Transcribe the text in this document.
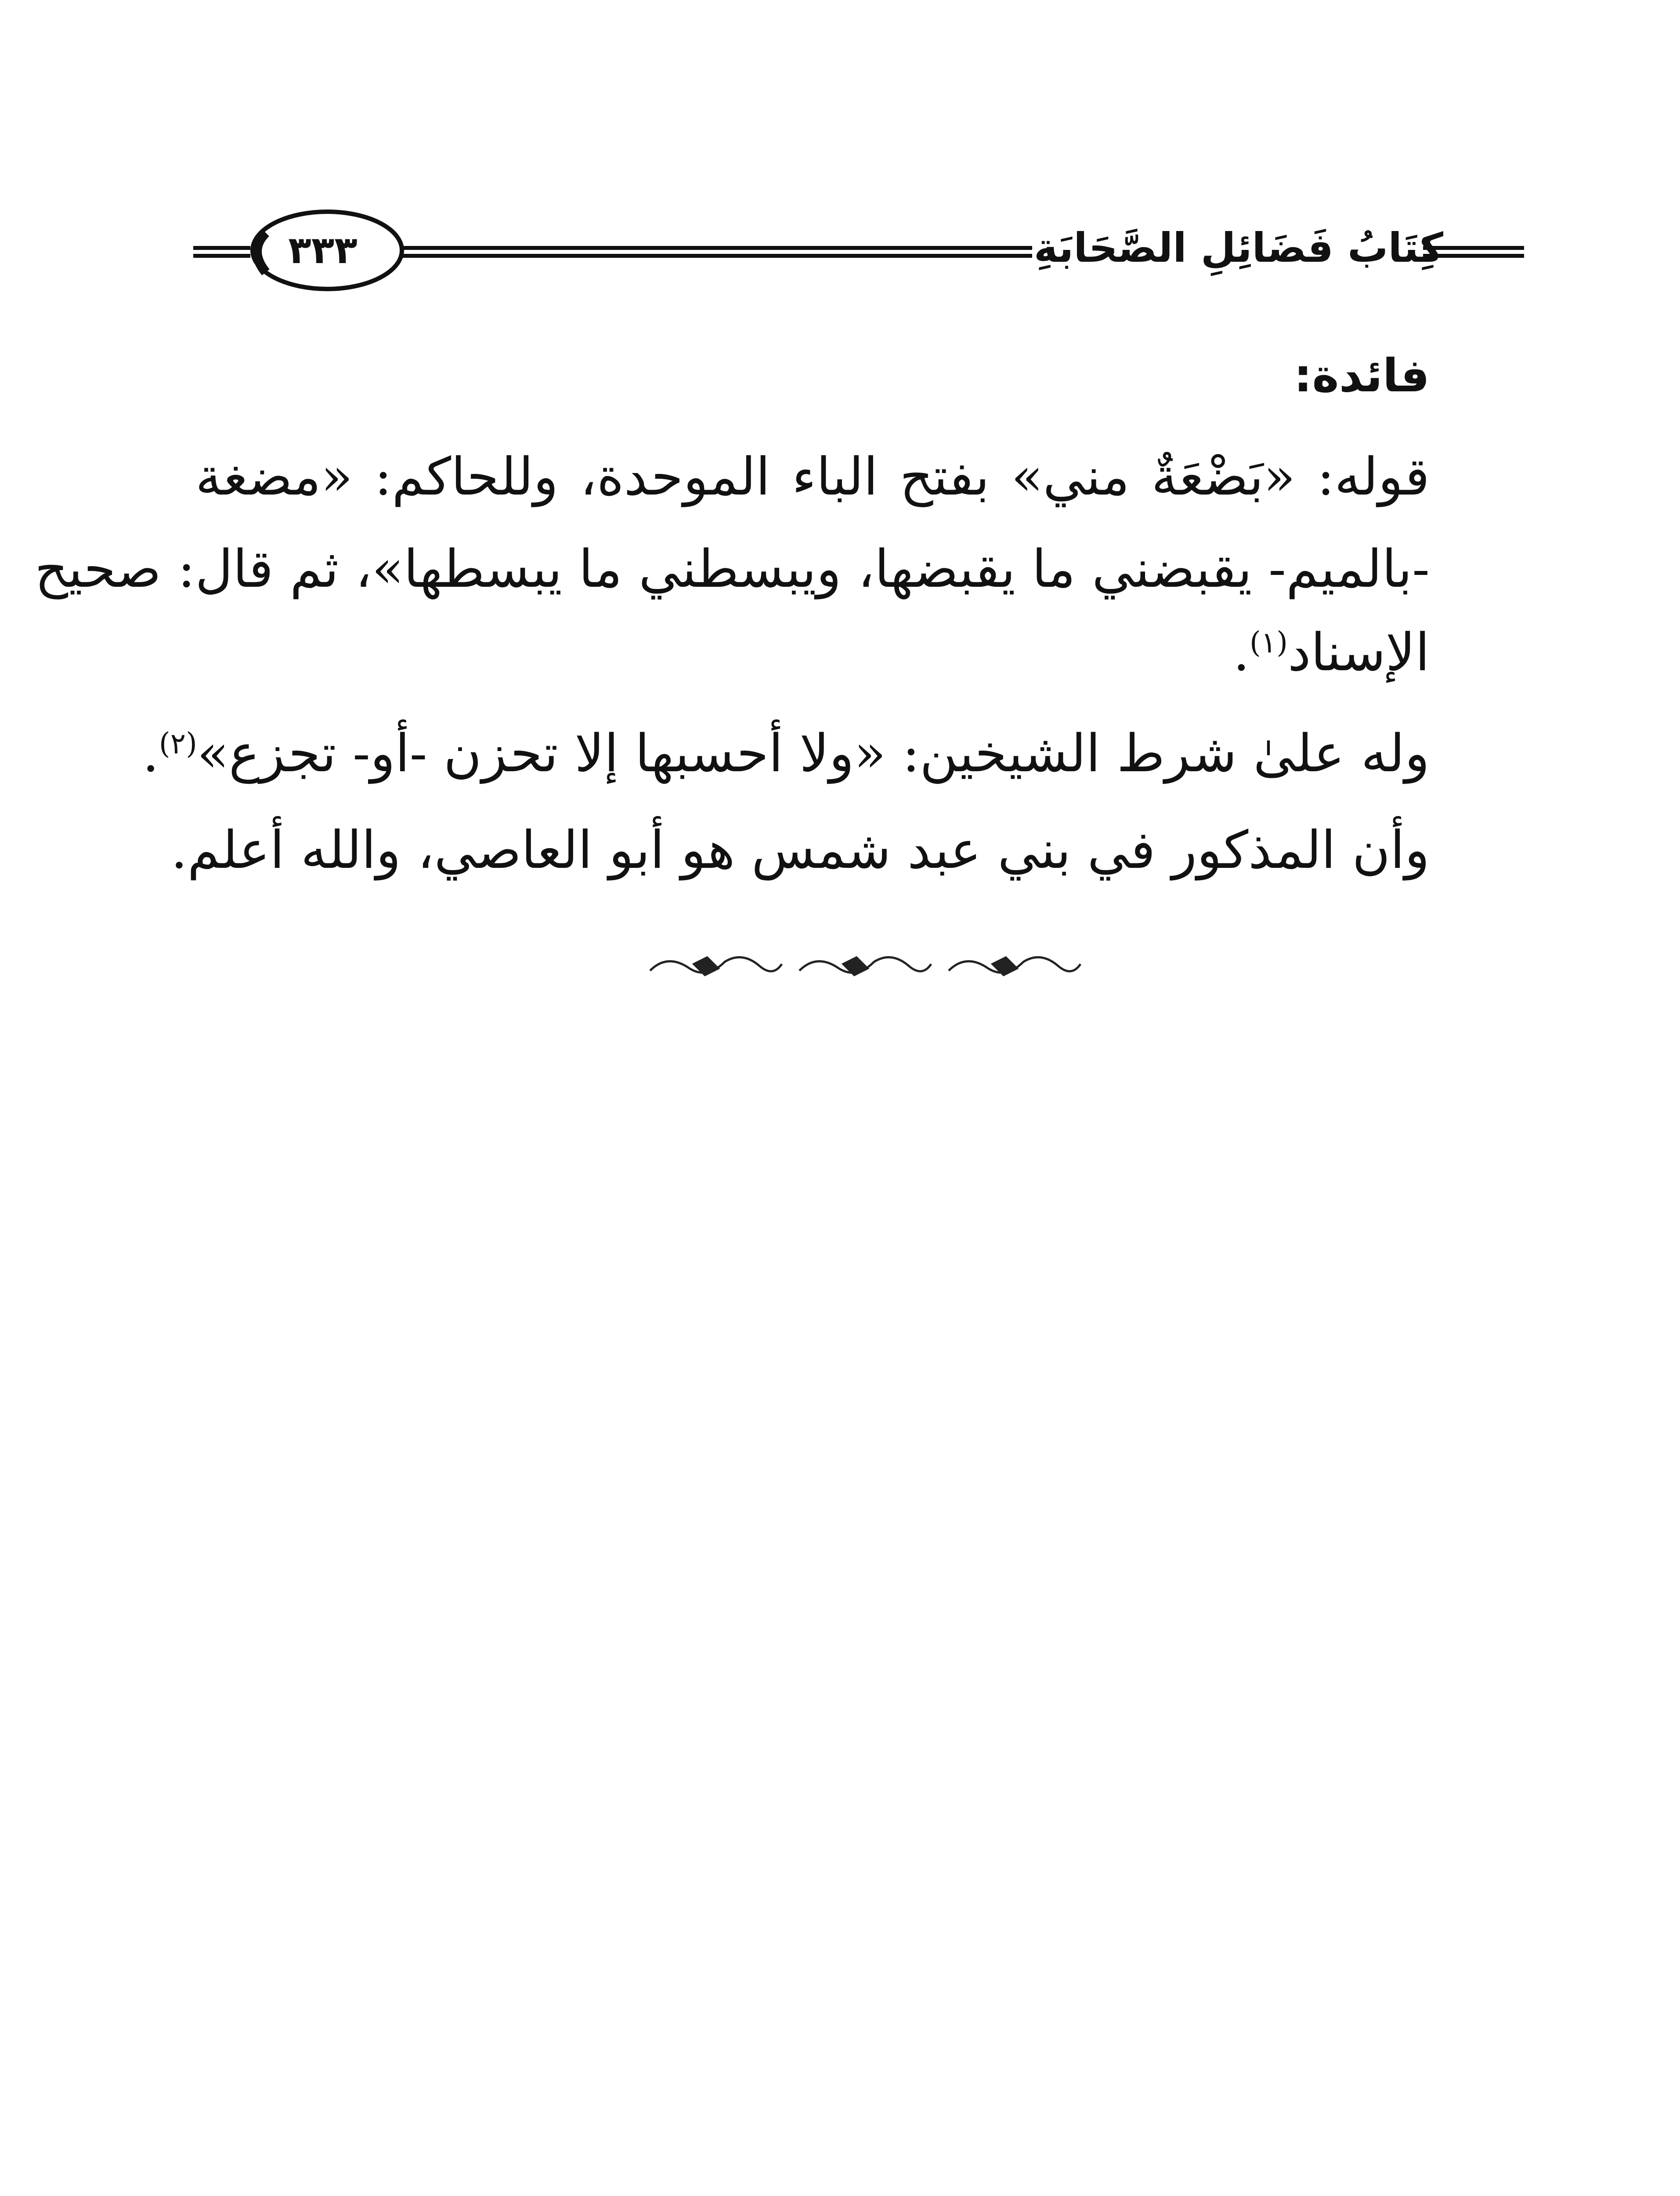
كِتَابُ فَضَائِلِ الصَّحَابَةِ
٣٣٣
فائدة:
قوله: «بَضْعَةٌ مني» بفتح الباء الموحدة، وللحاكم: «مضغة
-بالميم- يقبضني ما يقبضها، ويبسطني ما يبسطها»، ثم قال: صحيح
الإسناد$^{(١)}$.
وله علىٰ شرط الشيخين: «ولا أحسبها إلا تحزن -أو- تجزع»$^{(٢)}$.
وأن المذكور في بني عبد شمس هو أبو العاصي، والله أعلم.
